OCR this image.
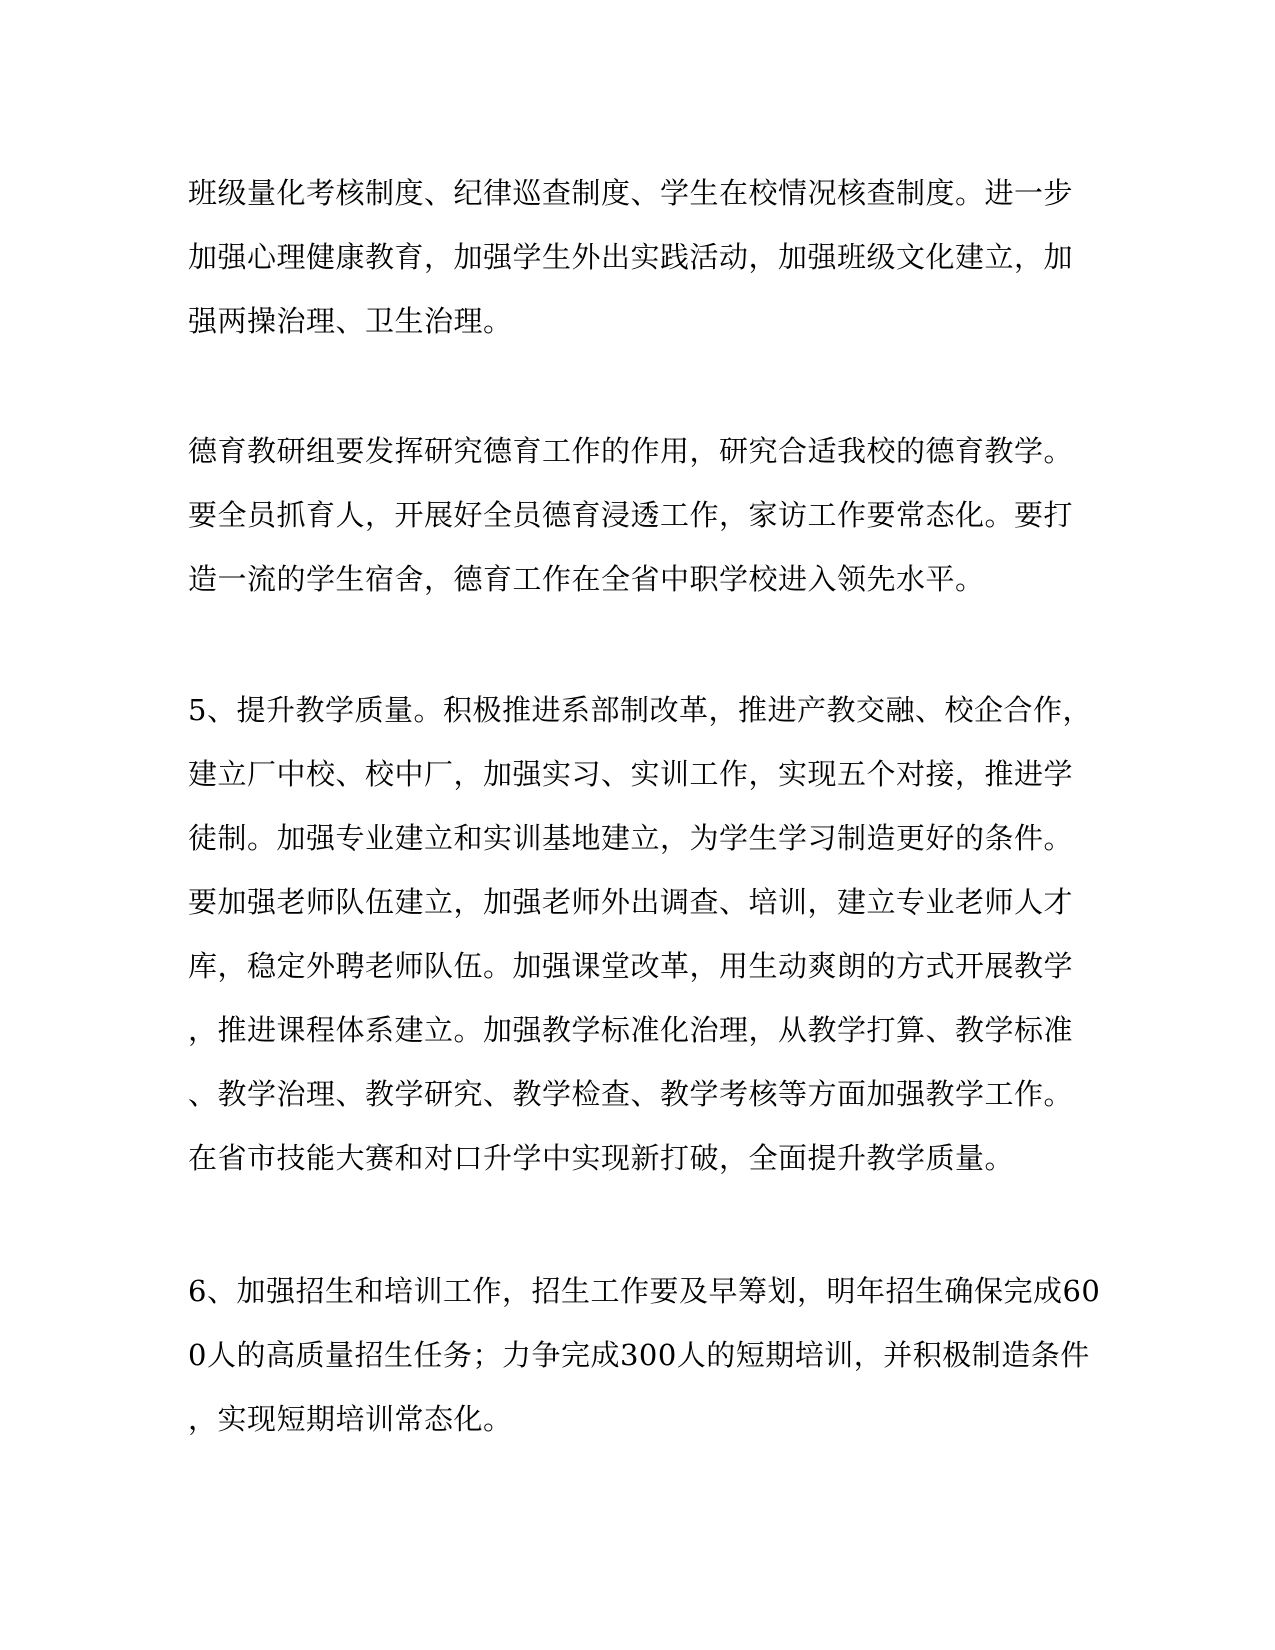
班级量化考核制度、纪律巡查制度、学生在校情况核查制度。进一步
加强心理健康教育，加强学生外出实践活动，加强班级文化建立，加
强两操治理、卫生治理。
德育教研组要发挥研究德育工作的作用，研究合适我校的德育教学。
要全员抓育人，开展好全员德育浸透工作，家访工作要常态化。要打
造一流的学生宿舍，德育工作在全省中职学校进入领先水平。
5、提升教学质量。积极推进系部制改革，推进产教交融、校企合作，
建立厂中校、校中厂，加强实习、实训工作，实现五个对接，推进学
徒制。加强专业建立和实训基地建立，为学生学习制造更好的条件。
要加强老师队伍建立，加强老师外出调查、培训，建立专业老师人才
库，稳定外聘老师队伍。加强课堂改革，用生动爽朗的方式开展教学
，推进课程体系建立。加强教学标准化治理，从教学打算、教学标准
、教学治理、教学研究、教学检查、教学考核等方面加强教学工作。
在省市技能大赛和对口升学中实现新打破，全面提升教学质量。
6、加强招生和培训工作，招生工作要及早筹划，明年招生确保完成60
0人的高质量招生任务；力争完成300人的短期培训，并积极制造条件
，实现短期培训常态化。
